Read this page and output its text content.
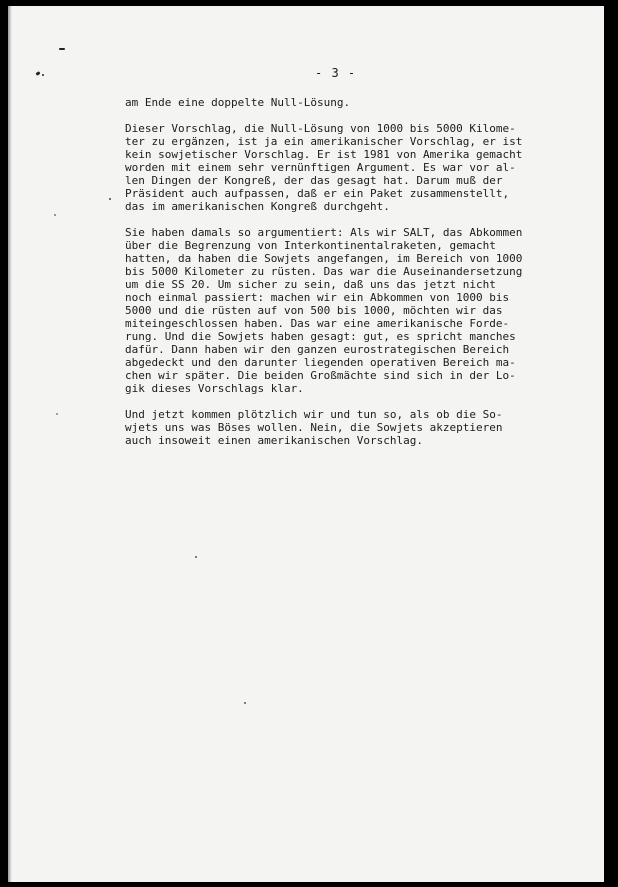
- 3 -
am Ende eine doppelte Null-Lösung.
Dieser Vorschlag, die Null-Lösung von 1000 bis 5000 Kilome-
ter zu ergänzen, ist ja ein amerikanischer Vorschlag, er ist
kein sowjetischer Vorschlag. Er ist 1981 von Amerika gemacht
worden mit einem sehr vernünftigen Argument. Es war vor al-
len Dingen der Kongreß, der das gesagt hat. Darum muß der
Präsident auch aufpassen, daß er ein Paket zusammenstellt,
das im amerikanischen Kongreß durchgeht.
Sie haben damals so argumentiert: Als wir SALT, das Abkommen
über die Begrenzung von Interkontinentalraketen, gemacht
hatten, da haben die Sowjets angefangen, im Bereich von 1000
bis 5000 Kilometer zu rüsten. Das war die Auseinandersetzung
um die SS 20. Um sicher zu sein, daß uns das jetzt nicht
noch einmal passiert: machen wir ein Abkommen von 1000 bis
5000 und die rüsten auf von 500 bis 1000, möchten wir das
miteingeschlossen haben. Das war eine amerikanische Forde-
rung. Und die Sowjets haben gesagt: gut, es spricht manches
dafür. Dann haben wir den ganzen eurostrategischen Bereich
abgedeckt und den darunter liegenden operativen Bereich ma-
chen wir später. Die beiden Großmächte sind sich in der Lo-
gik dieses Vorschlags klar.
Und jetzt kommen plötzlich wir und tun so, als ob die So-
wjets uns was Böses wollen. Nein, die Sowjets akzeptieren
auch insoweit einen amerikanischen Vorschlag.
